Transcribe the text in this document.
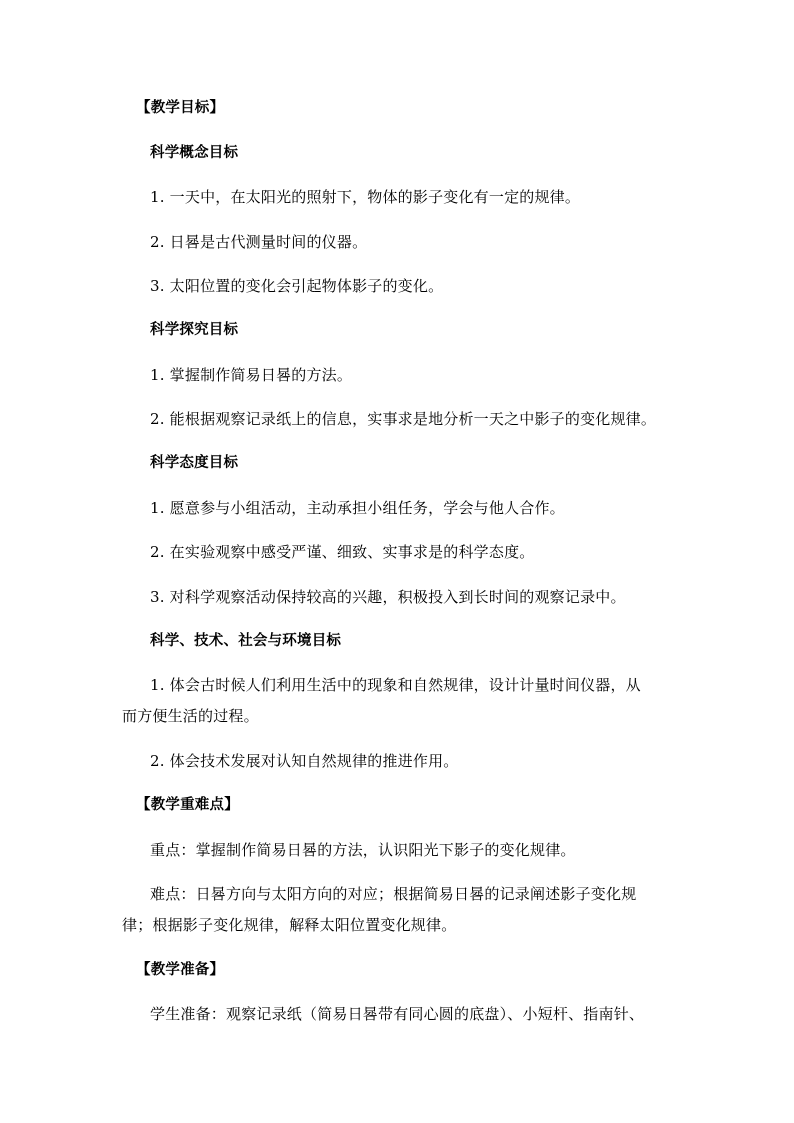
【教学目标】
科学概念目标
1. 一天中，在太阳光的照射下，物体的影子变化有一定的规律。
2. 日晷是古代测量时间的仪器。
3. 太阳位置的变化会引起物体影子的变化。
科学探究目标
1. 掌握制作简易日晷的方法。
2. 能根据观察记录纸上的信息，实事求是地分析一天之中影子的变化规律。
科学态度目标
1. 愿意参与小组活动，主动承担小组任务，学会与他人合作。
2. 在实验观察中感受严谨、细致、实事求是的科学态度。
3. 对科学观察活动保持较高的兴趣，积极投入到长时间的观察记录中。
科学、技术、社会与环境目标
1. 体会古时候人们利用生活中的现象和自然规律，设计计量时间仪器，从
而方便生活的过程。
2. 体会技术发展对认知自然规律的推进作用。
【教学重难点】
重点：掌握制作简易日晷的方法，认识阳光下影子的变化规律。
难点：日晷方向与太阳方向的对应；根据简易日晷的记录阐述影子变化规
律；根据影子变化规律，解释太阳位置变化规律。
【教学准备】
学生准备：观察记录纸（简易日晷带有同心圆的底盘）、小短杆、指南针、
